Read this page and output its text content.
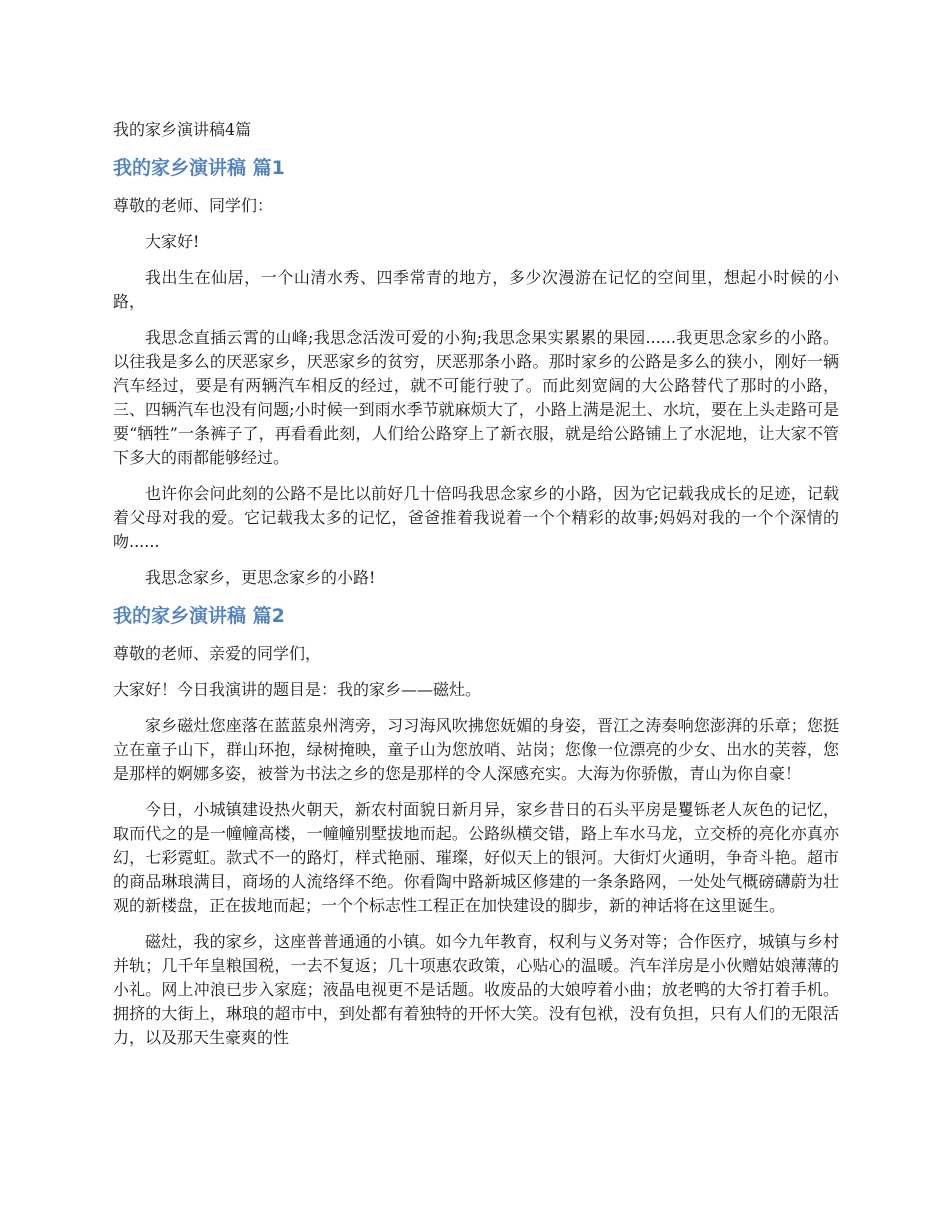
我的家乡演讲稿4篇

我的家乡演讲稿 篇1

尊敬的老师、同学们：

大家好!

我出生在仙居，一个山清水秀、四季常青的地方，多少次漫游在记忆的空间里，想起小时候的小路，

我思念直插云霄的山峰;我思念活泼可爱的小狗;我思念果实累累的果园......我更思念家乡的小路。以往我是多么的厌恶家乡，厌恶家乡的贫穷，厌恶那条小路。那时家乡的公路是多么的狭小，刚好一辆汽车经过，要是有两辆汽车相反的经过，就不可能行驶了。而此刻宽阔的大公路替代了那时的小路，三、四辆汽车也没有问题;小时候一到雨水季节就麻烦大了，小路上满是泥土、水坑，要在上头走路可是要“牺牲”一条裤子了，再看看此刻，人们给公路穿上了新衣服，就是给公路铺上了水泥地，让大家不管下多大的雨都能够经过。

也许你会问此刻的公路不是比以前好几十倍吗我思念家乡的小路，因为它记载我成长的足迹，记载着父母对我的爱。它记载我太多的记忆，爸爸推着我说着一个个精彩的故事;妈妈对我的一个个深情的吻......

我思念家乡，更思念家乡的小路!

我的家乡演讲稿 篇2

尊敬的老师、亲爱的同学们，

大家好！今日我演讲的题目是：我的家乡——磁灶。

家乡磁灶您座落在蓝蓝泉州湾旁，习习海风吹拂您妩媚的身姿，晋江之涛奏响您澎湃的乐章；您挺立在童子山下，群山环抱，绿树掩映，童子山为您放哨、站岗；您像一位漂亮的少女、出水的芙蓉，您是那样的婀娜多姿，被誉为书法之乡的您是那样的令人深感充实。大海为你骄傲，青山为你自豪！

今日，小城镇建设热火朝天，新农村面貌日新月异，家乡昔日的石头平房是矍铄老人灰色的记忆，取而代之的是一幢幢高楼，一幢幢别墅拔地而起。公路纵横交错，路上车水马龙，立交桥的亮化亦真亦幻，七彩霓虹。款式不一的路灯，样式艳丽、璀璨，好似天上的银河。大街灯火通明，争奇斗艳。超市的商品琳琅满目，商场的人流络绎不绝。你看陶中路新城区修建的一条条路网，一处处气概磅礴蔚为壮观的新楼盘，正在拔地而起；一个个标志性工程正在加快建设的脚步，新的神话将在这里诞生。

磁灶，我的家乡，这座普普通通的小镇。如今九年教育，权利与义务对等；合作医疗，城镇与乡村并轨；几千年皇粮国税，一去不复返；几十项惠农政策，心贴心的温暖。汽车洋房是小伙赠姑娘薄薄的小礼。网上冲浪已步入家庭；液晶电视更不是话题。收废品的大娘哼着小曲；放老鸭的大爷打着手机。拥挤的大街上，琳琅的超市中，到处都有着独特的开怀大笑。没有包袱，没有负担，只有人们的无限活力，以及那天生豪爽的性
